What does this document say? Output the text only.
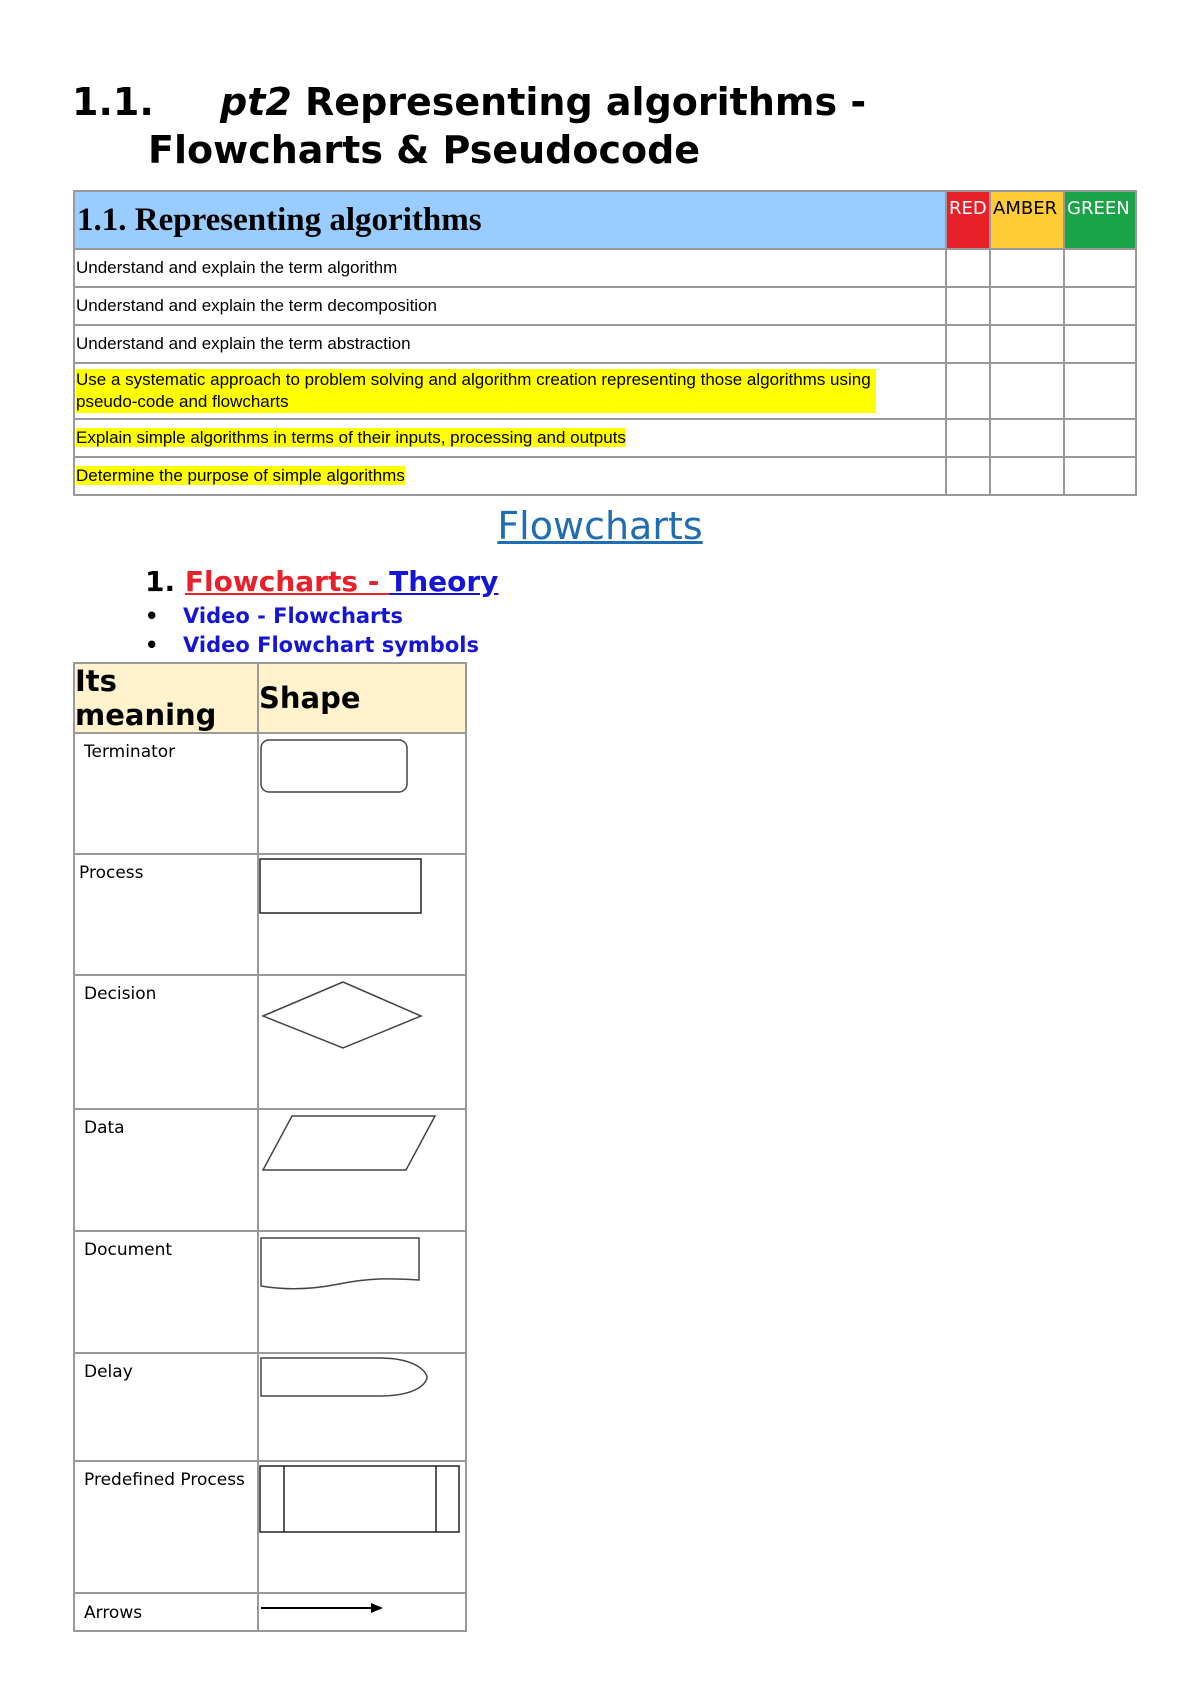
1.1. pt2 Representing algorithms -
Flowcharts & Pseudocode
1.1. Representing algorithms	RED	AMBER	GREEN
Understand and explain the term algorithm			
Understand and explain the term decomposition			
Understand and explain the term abstraction			
Use a systematic approach to problem solving and algorithm creation representing those algorithms using pseudo-code and flowcharts			
Explain simple algorithms in terms of their inputs, processing and outputs			
Determine the purpose of simple algorithms			
Flowcharts
1. Flowcharts - Theory
• Video - Flowcharts
• Video Flowchart symbols
Its meaning	Shape
Terminator	

Process	

Decision	

Data	

Document	

Delay	

Predefined Process	

Arrows	
